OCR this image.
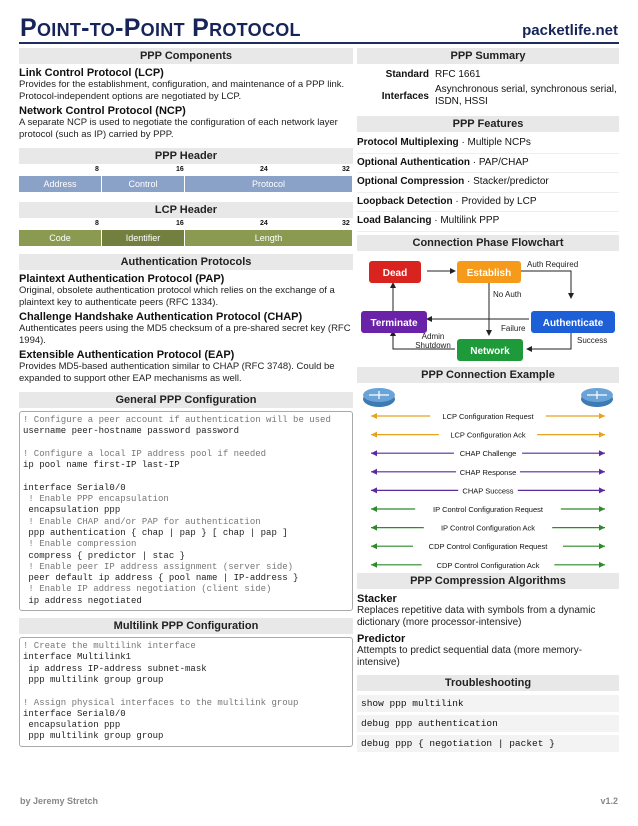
Point-to-Point Protocol	packetlife.net
PPP Components
Link Control Protocol (LCP)
Provides for the establishment, configuration, and maintenance of a PPP link. Protocol-independent options are negotiated by LCP.
Network Control Protocol (NCP)
A separate NCP is used to negotiate the configuration of each network layer protocol (such as IP) carried by PPP.
PPP Header
8	16	24	32
Address	Control	Protocol
LCP Header
8	16	24	32
Code	Identifier	Length
Authentication Protocols
Plaintext Authentication Protocol (PAP)
Original, obsolete authentication protocol which relies on the exchange of a plaintext key to authenticate peers (RFC 1334).
Challenge Handshake Authentication Protocol (CHAP)
Authenticates peers using the MD5 checksum of a pre-shared secret key (RFC 1994).
Extensible Authentication Protocol (EAP)
Provides MD5-based authentication similar to CHAP (RFC 3748). Could be expanded to support other EAP mechanisms as well.
General PPP Configuration
! Configure a peer account if authentication will be used
username peer-hostname password password

! Configure a local IP address pool if needed
ip pool name first-IP last-IP

interface Serial0/0
! Enable PPP encapsulation
encapsulation ppp
! Enable CHAP and/or PAP for authentication
ppp authentication { chap | pap } [ chap | pap ]
! Enable compression
compress { predictor | stac }
! Enable peer IP address assignment (server side)
peer default ip address { pool name | IP-address }
! Enable IP address negotiation (client side)
ip address negotiated
Multilink PPP Configuration
! Create the multilink interface
interface Multilink1
ip address IP-address subnet-mask
ppp multilink group group

! Assign physical interfaces to the multilink group
interface Serial0/0
encapsulation ppp
ppp multilink group group
PPP Summary
Standard RFC 1661
Interfaces
Asynchronous serial, synchronous serial, ISDN, HSSI
PPP Features
Protocol Multiplexing · Multiple NCPs
Optional Authentication · PAP/CHAP
Optional Compression · Stacker/predictor
Loopback Detection · Provided by LCP
Load Balancing · Multilink PPP
Connection Phase Flowchart
Dead	Establish
Terminate	Authenticate
Network
Auth Required
No Auth
Failure
Success
Admin
Shutdown
PPP Connection Example
LCP Configuration Request
LCP Configuration Ack
CHAP Challenge
CHAP Response
CHAP Success
IP Control Configuration Request
IP Control Configuration Ack
CDP Control Configuration Request
CDP Control Configuration Ack
PPP Compression Algorithms
Stacker
Replaces repetitive data with symbols from a dynamic dictionary (more processor-intensive)
Predictor
Attempts to predict sequential data (more memory-intensive)
Troubleshooting
show ppp multilink
debug ppp authentication
debug ppp { negotiation | packet }
by Jeremy Stretch	v1.2
